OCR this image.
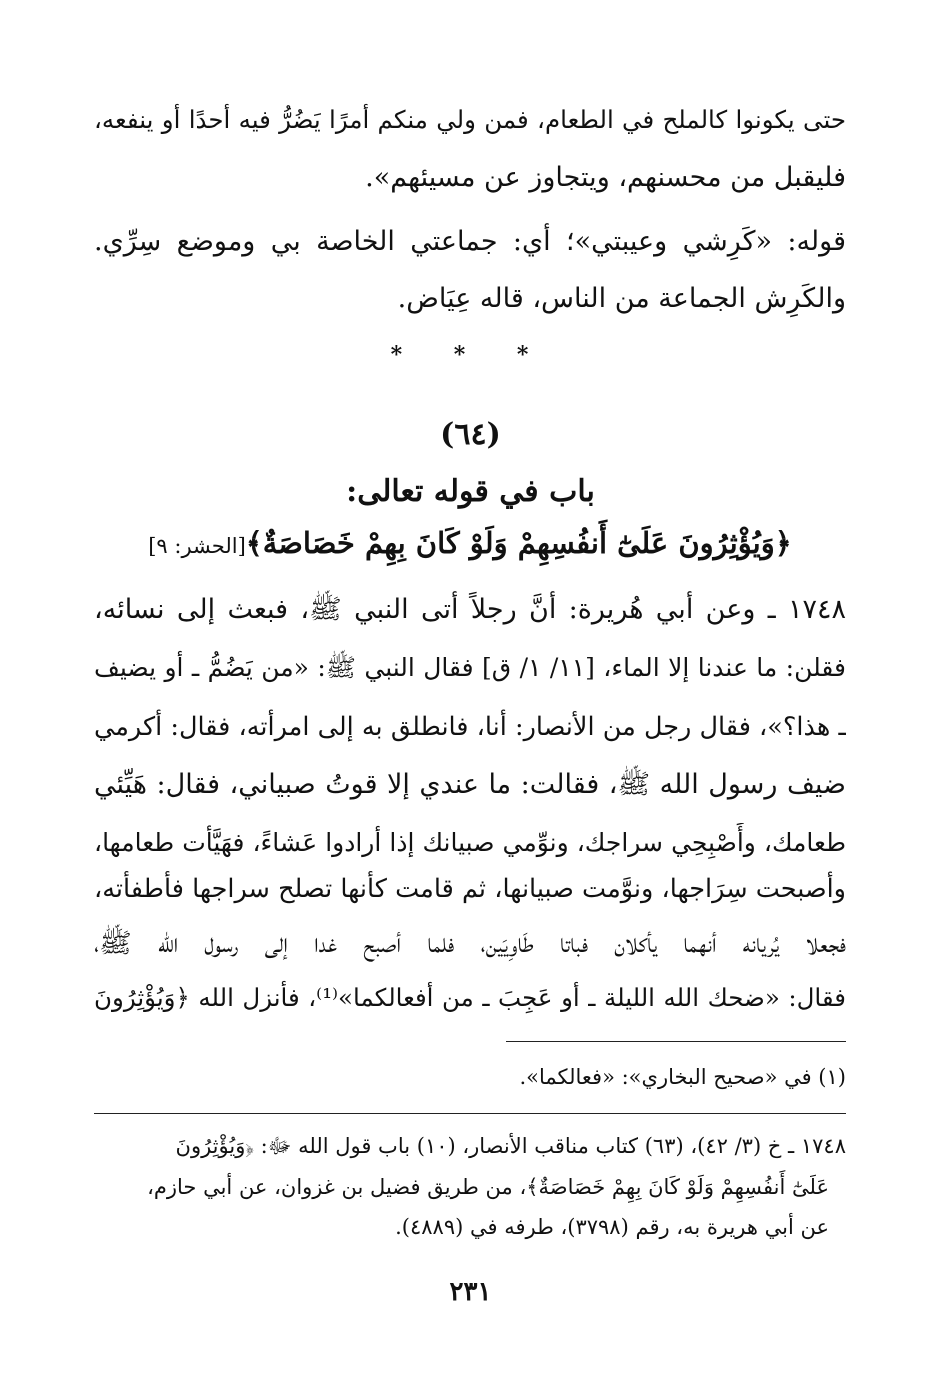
حتى يكونوا كالملح في الطعام، فمن ولي منكم أمرًا يَضُرُّ فيه أحدًا أو ينفعه،
فليقبل من محسنهم، ويتجاوز عن مسيئهم».
قوله: «كَرِشي وعيبتي»؛ أي: جماعتي الخاصة بي وموضع سِرِّي.
والكَرِش الجماعة من الناس، قاله عِيَاض.
* * *
(٦٤)
باب في قوله تعالى:
﴿وَيُؤْثِرُونَ عَلَىٰٓ أَنفُسِهِمْ وَلَوْ كَانَ بِهِمْ خَصَاصَةٌ﴾[الحشر: ٩]
١٧٤٨ ـ وعن أبي هُريرة: أنَّ رجلاً أتى النبي ﷺ، فبعث إلى نسائه،
فقلن: ما عندنا إلا الماء، [١١/ ١/ ق] فقال النبي ﷺ: «من يَضُمُّ ـ أو يضيف
ـ هذا؟»، فقال رجل من الأنصار: أنا، فانطلق به إلى امرأته، فقال: أكرمي
ضيف رسول الله ﷺ، فقالت: ما عندي إلا قوتُ صبياني، فقال: هَيِّئي
طعامك، وأَصْبِحِي سراجك، ونوِّمي صبيانك إذا أرادوا عَشاءً، فهَيَّأت طعامها،
وأصبحت سِرَاجها، ونوَّمت صبيانها، ثم قامت كأنها تصلح سراجها فأطفأته،
فجعلا يُريانه أنهما يأكلان فباتا طَاوِيَين، فلما أصبح غدا إلى رسول الله ﷺ،
فقال: «ضحك الله الليلة ـ أو عَجِبَ ـ من أفعالكما»⁽¹⁾، فأنزل الله ﴿وَيُؤْثِرُونَ
(١) في «صحيح البخاري»: «فعالكما».
١٧٤٨ ـ خ (٣/ ٤٢)، (٦٣) كتاب مناقب الأنصار، (١٠) باب قول الله ﷻ: ﴿وَيُؤْثِرُونَ
عَلَىٰٓ أَنفُسِهِمْ وَلَوْ كَانَ بِهِمْ خَصَاصَةٌ﴾، من طريق فضيل بن غزوان، عن أبي حازم،
عن أبي هريرة به، رقم (٣٧٩٨)، طرفه في (٤٨٨٩).
٢٣١
